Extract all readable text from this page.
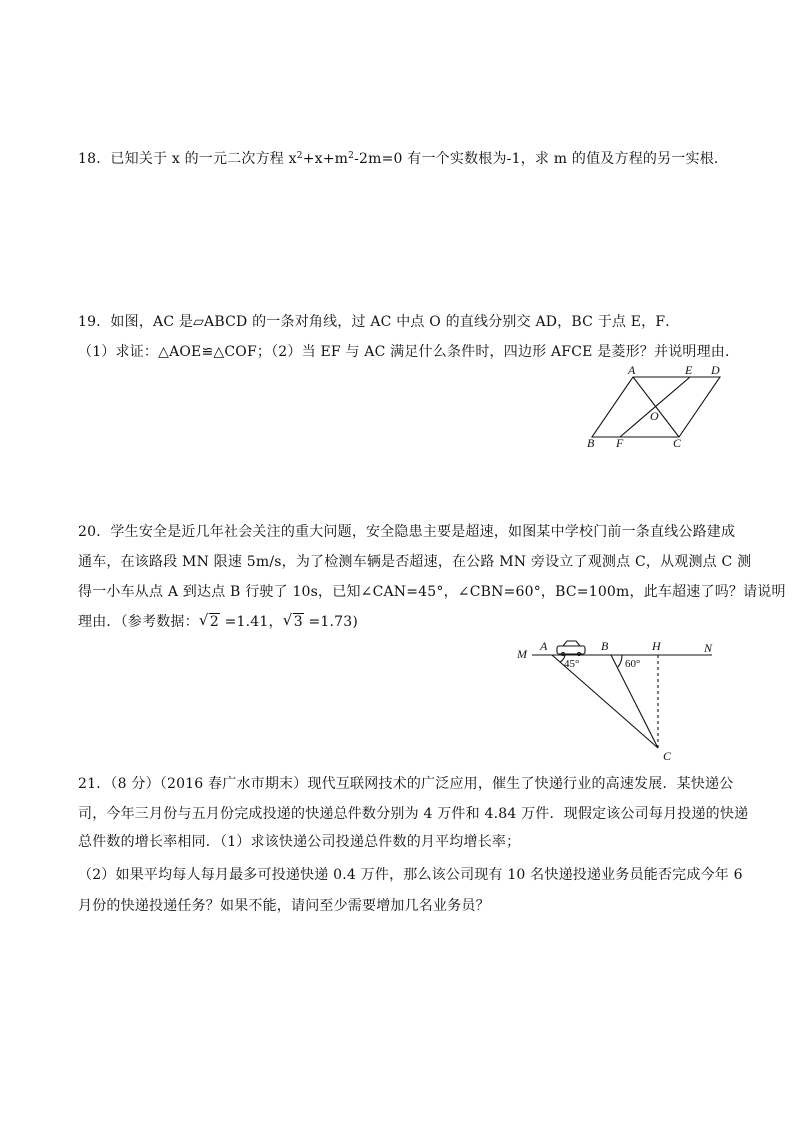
18．已知关于 x 的一元二次方程 $x^2+x+m^2-2m=0$ 有一个实数根为-1，求 m 的值及方程的另一实根．
19．如图，AC 是▱ABCD 的一条对角线，过 AC 中点 O 的直线分别交 AD，BC 于点 E，F．
（1）求证：△AOE≌△COF；（2）当 EF 与 AC 满足什么条件时，四边形 AFCE 是菱形？并说明理由．
A	E D
O
B F	C
20．学生安全是近几年社会关注的重大问题，安全隐患主要是超速，如图某中学校门前一条直线公路建成
通车，在该路段 MN 限速 5m/s，为了检测车辆是否超速，在公路 MN 旁设立了观测点 C，从观测点 C 测
得一小车从点 A 到达点 B 行驶了 10s，已知∠CAN=45°，∠CBN=60°，BC=100m，此车超速了吗？请说明
理由．（参考数据： √ 2 =1.41， √ 3 =1.73)
M
A	B	H	N
C
45°	60°
21．（8 分）（2016 春广水市期末）现代互联网技术的广泛应用，催生了快递行业的高速发展．某快递公
司，今年三月份与五月份完成投递的快递总件数分别为 4 万件和 4.84 万件．现假定该公司每月投递的快递
总件数的增长率相同．（1）求该快递公司投递总件数的月平均增长率；
（2）如果平均每人每月最多可投递快递 0.4 万件，那么该公司现有 10 名快递投递业务员能否完成今年 6
月份的快递投递任务？如果不能，请问至少需要增加几名业务员？
